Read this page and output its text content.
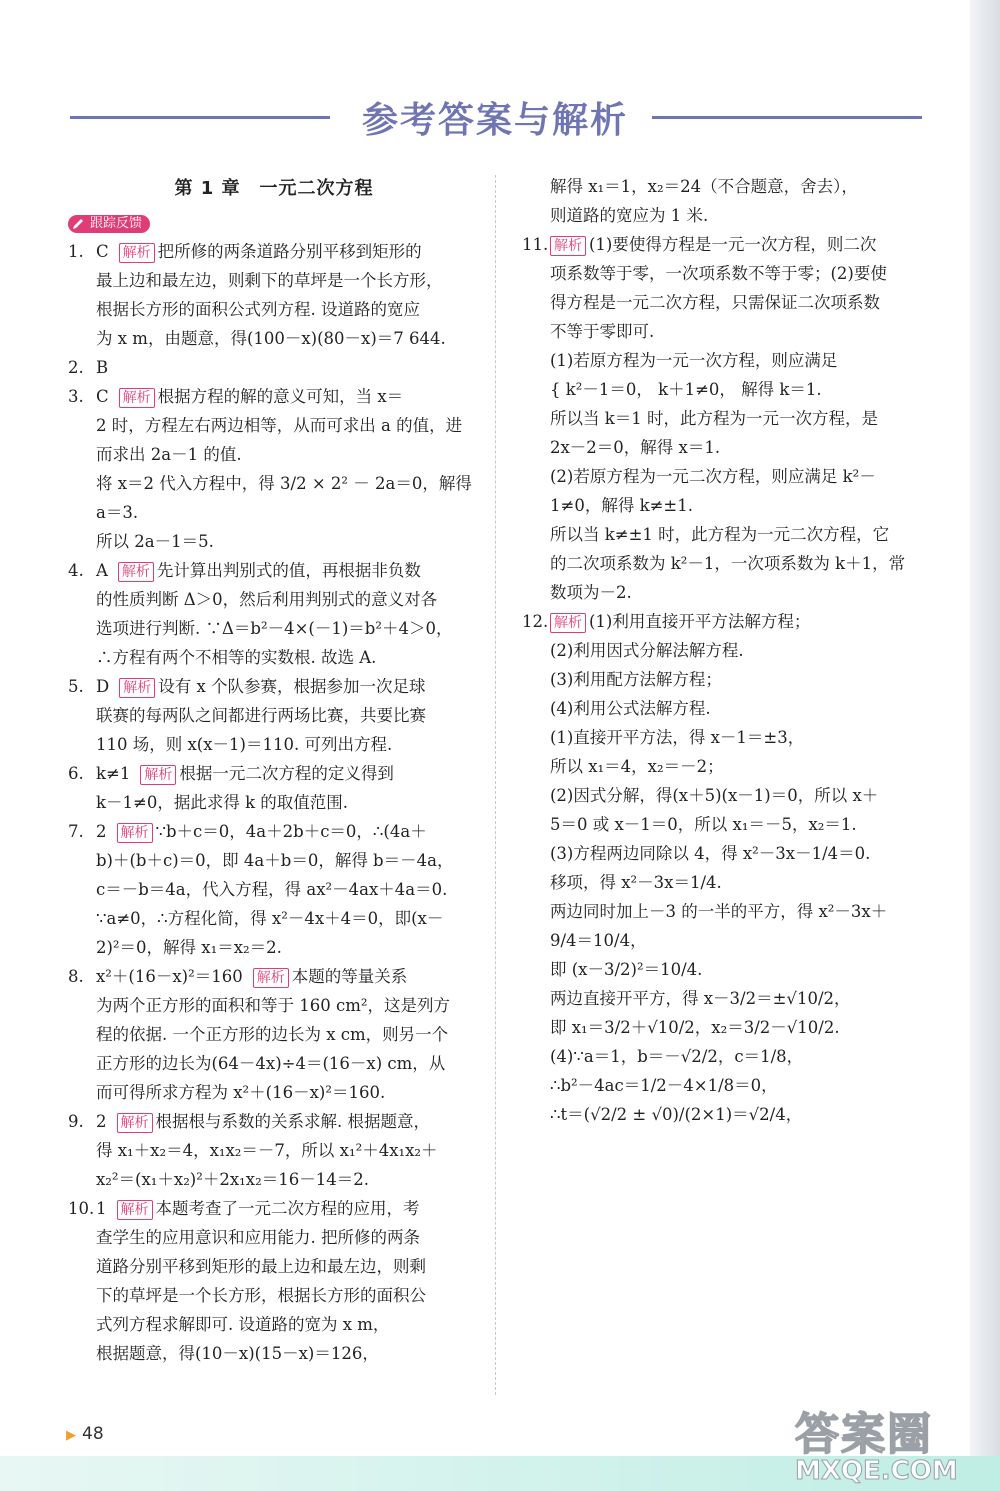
参考答案与解析
第 1 章　一元二次方程
跟踪反馈
1. C 解析 把所修的两条道路分别平移到矩形的
最上边和最左边，则剩下的草坪是一个长方形，
根据长方形的面积公式列方程. 设道路的宽应
为 x m，由题意，得(100－x)(80－x)＝7 644.
2. B
3. C 解析 根据方程的解的意义可知，当 x＝
2 时，方程左右两边相等，从而可求出 a 的值，进
而求出 2a－1 的值.
将 x＝2 代入方程中，得 3/2 × 2² － 2a＝0，解得
a＝3.
所以 2a－1＝5.
4. A 解析 先计算出判别式的值，再根据非负数
的性质判断 Δ＞0，然后利用判别式的意义对各
选项进行判断. ∵Δ＝b²－4×(－1)＝b²＋4＞0，
∴方程有两个不相等的实数根. 故选 A.
5. D 解析 设有 x 个队参赛，根据参加一次足球
联赛的每两队之间都进行两场比赛，共要比赛
110 场，则 x(x－1)＝110. 可列出方程.
6. k≠1 解析 根据一元二次方程的定义得到
k－1≠0，据此求得 k 的取值范围.
7. 2 解析 ∵b＋c＝0，4a＋2b＋c＝0，∴(4a＋
b)＋(b＋c)＝0，即 4a＋b＝0，解得 b＝－4a，
c＝－b＝4a，代入方程，得 ax²－4ax＋4a＝0.
∵a≠0，∴方程化简，得 x²－4x＋4＝0，即(x－
2)²＝0，解得 x₁＝x₂＝2.
8. x²＋(16－x)²＝160 解析 本题的等量关系
为两个正方形的面积和等于 160 cm²，这是列方
程的依据. 一个正方形的边长为 x cm，则另一个
正方形的边长为(64－4x)÷4＝(16－x) cm，从
而可得所求方程为 x²＋(16－x)²＝160.
9. 2 解析 根据根与系数的关系求解. 根据题意，
得 x₁＋x₂＝4，x₁x₂＝－7，所以 x₁²＋4x₁x₂＋
x₂²＝(x₁＋x₂)²＋2x₁x₂＝16－14＝2.
10. 1 解析 本题考查了一元二次方程的应用，考
查学生的应用意识和应用能力. 把所修的两条
道路分别平移到矩形的最上边和最左边，则剩
下的草坪是一个长方形，根据长方形的面积公
式列方程求解即可. 设道路的宽为 x m，
根据题意，得(10－x)(15－x)＝126，
解得 x₁＝1，x₂＝24（不合题意，舍去），
则道路的宽应为 1 米.
11. 解析 (1)要使得方程是一元一次方程，则二次
项系数等于零，一次项系数不等于零；(2)要使
得方程是一元二次方程，只需保证二次项系数
不等于零即可.
(1)若原方程为一元一次方程，则应满足
{ k²－1＝0， k＋1≠0， 解得 k＝1.
所以当 k＝1 时，此方程为一元一次方程，是
2x－2＝0，解得 x＝1.
(2)若原方程为一元二次方程，则应满足 k²－
1≠0，解得 k≠±1.
所以当 k≠±1 时，此方程为一元二次方程，它
的二次项系数为 k²－1，一次项系数为 k＋1，常
数项为－2.
12. 解析 (1)利用直接开平方法解方程；
(2)利用因式分解法解方程.
(3)利用配方法解方程；
(4)利用公式法解方程.
(1)直接开平方法，得 x－1＝±3，
所以 x₁＝4，x₂＝－2；
(2)因式分解，得(x＋5)(x－1)＝0，所以 x＋
5＝0 或 x－1＝0，所以 x₁＝－5，x₂＝1.
(3)方程两边同除以 4，得 x²－3x－1/4＝0.
移项，得 x²－3x＝1/4.
两边同时加上－3 的一半的平方，得 x²－3x＋
9/4＝10/4，
即 (x－3/2)²＝10/4.
两边直接开平方，得 x－3/2＝±√10/2，
即 x₁＝3/2＋√10/2，x₂＝3/2－√10/2.
(4)∵a＝1，b＝－√2/2，c＝1/8，
∴b²－4ac＝1/2－4×1/8＝0，
∴t＝(√2/2 ± √0)/(2×1)＝√2/4，
▶ 48	答案圈
MXQE.COM
